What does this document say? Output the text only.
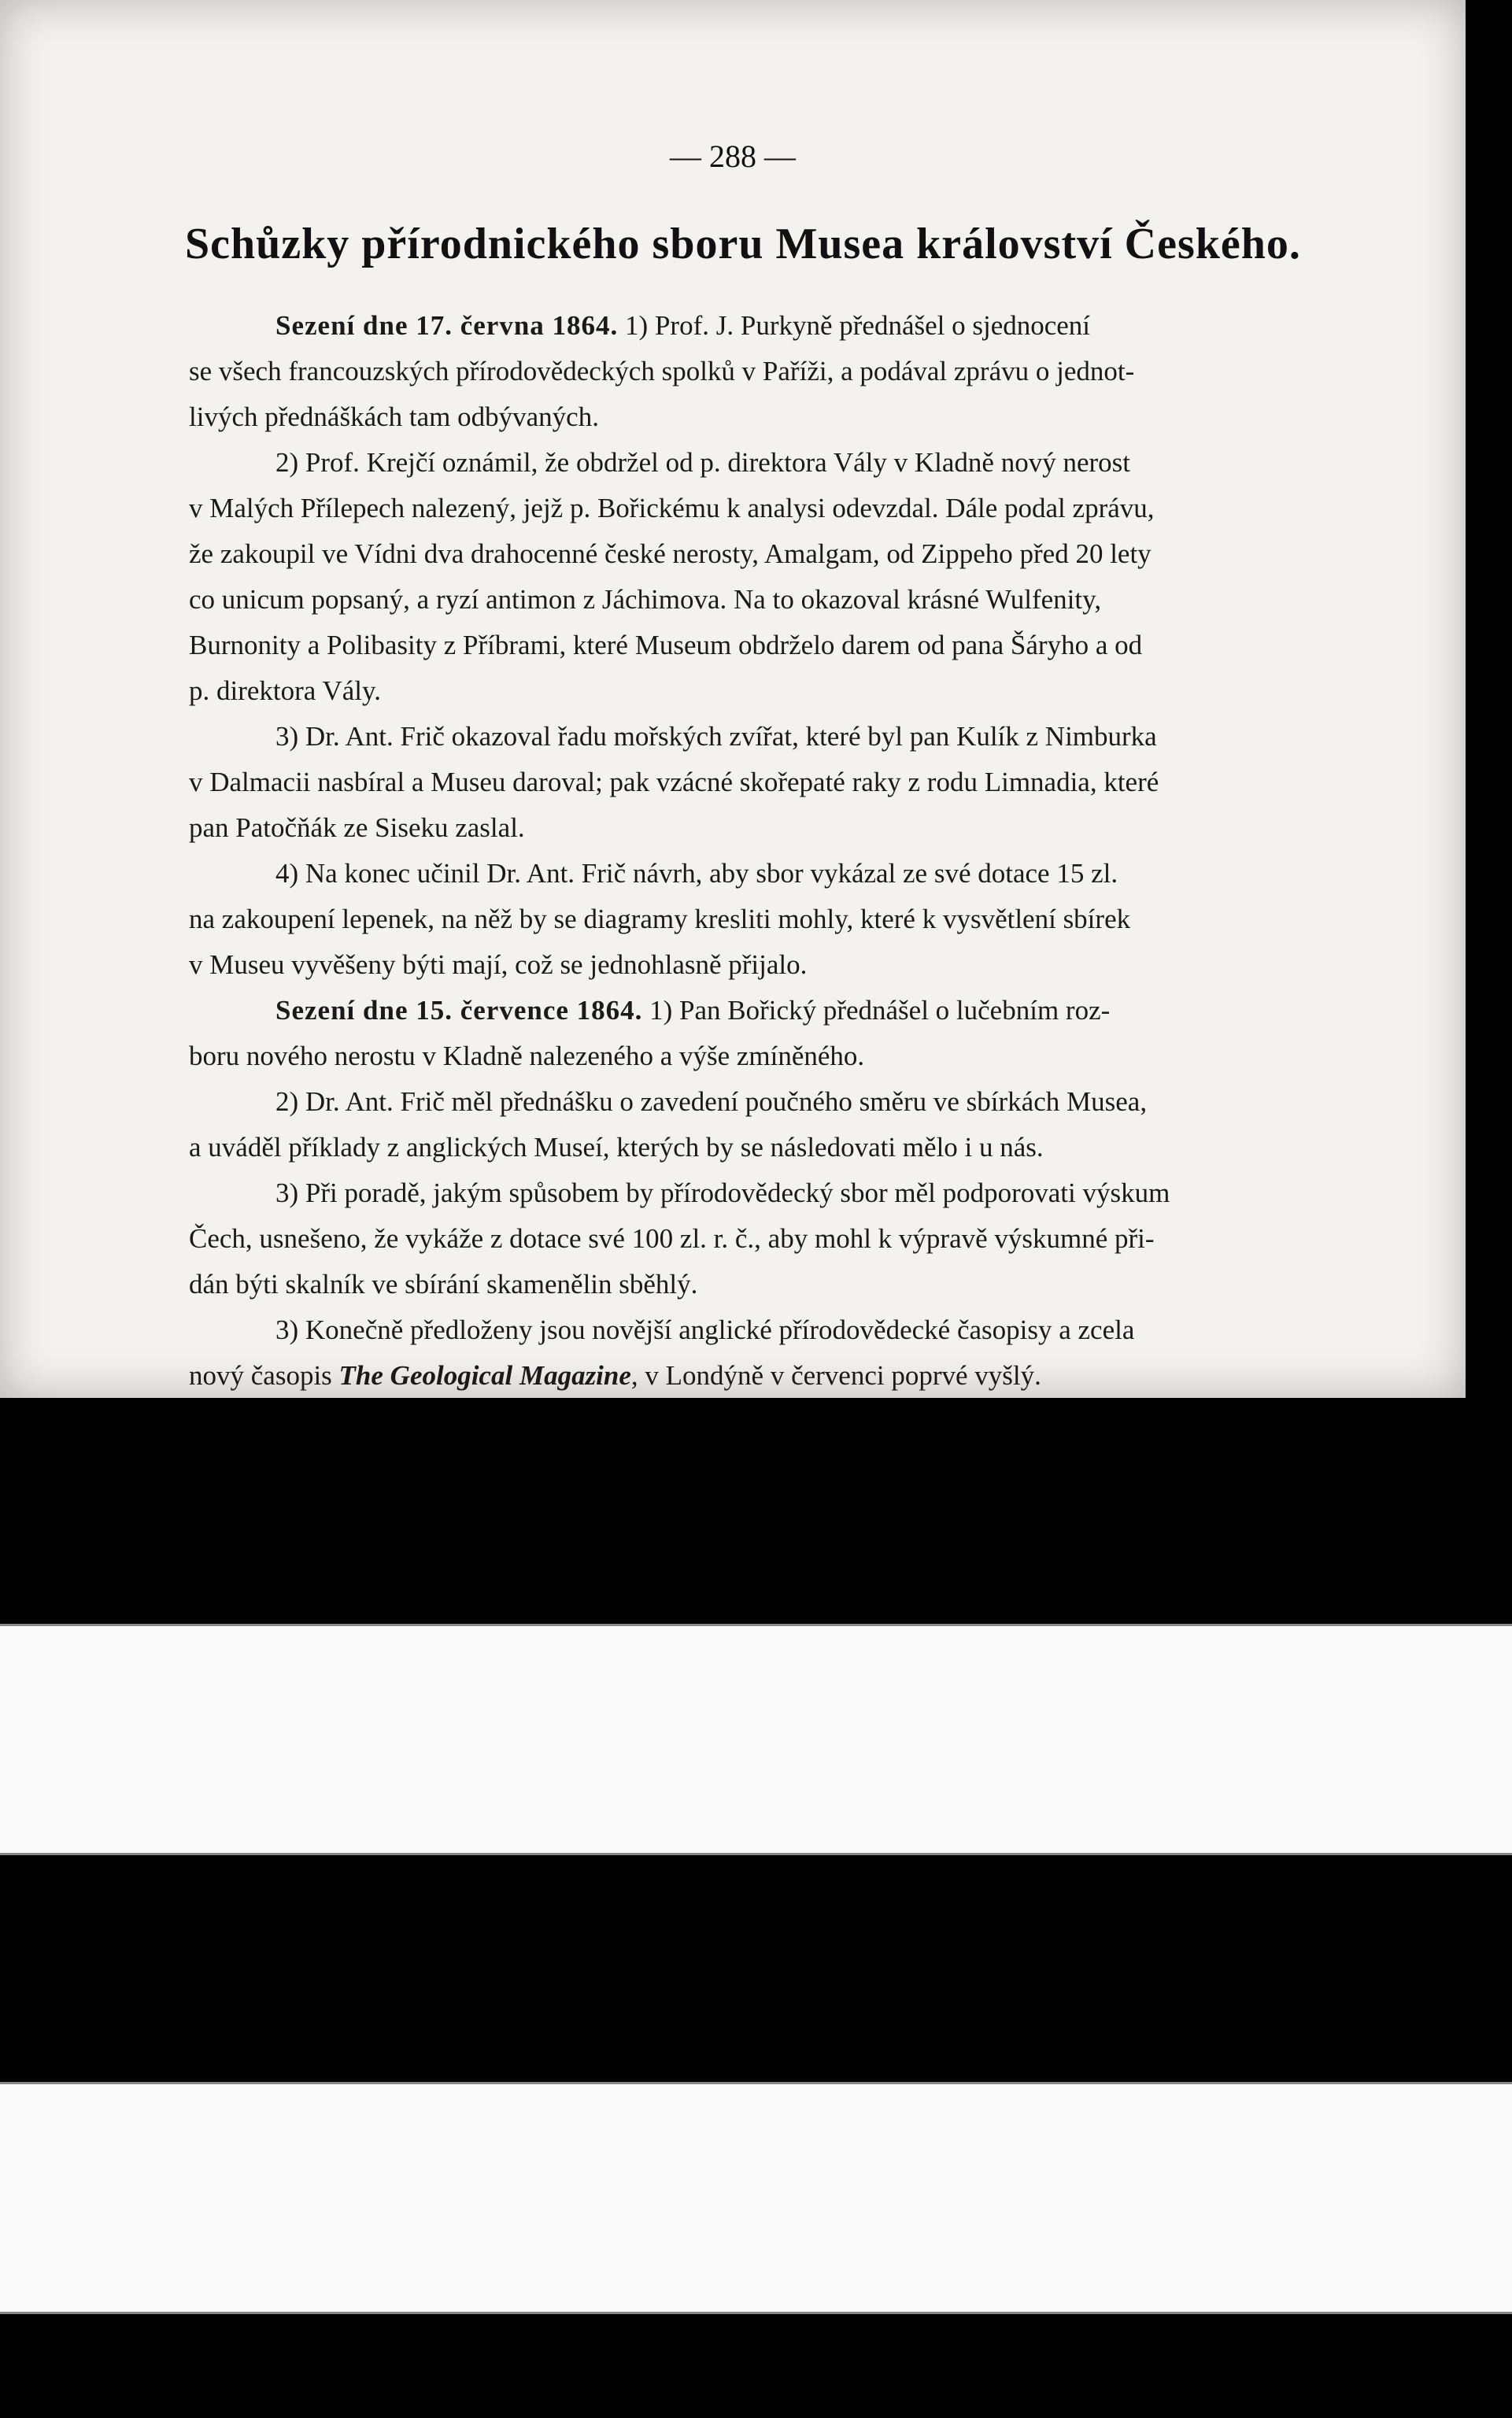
— 288 —
Schůzky přírodnického sboru Musea království Českého.
Sezení dne 17. června 1864. 1) Prof. J. Purkyně přednášel o sjednocení
se všech francouzských přírodovědeckých spolků v Paříži, a podával zprávu o jednot-
livých přednáškách tam odbývaných.
2) Prof. Krejčí oznámil, že obdržel od p. direktora Vály v Kladně nový nerost
v Malých Přílepech nalezený, jejž p. Bořickému k analysi odevzdal. Dále podal zprávu,
že zakoupil ve Vídni dva drahocenné české nerosty, Amalgam, od Zippeho před 20 lety
co unicum popsaný, a ryzí antimon z Jáchimova. Na to okazoval krásné Wulfenity,
Burnonity a Polibasity z Příbrami, které Museum obdrželo darem od pana Šáryho a od
p. direktora Vály.
3) Dr. Ant. Frič okazoval řadu mořských zvířat, které byl pan Kulík z Nimburka
v Dalmacii nasbíral a Museu daroval; pak vzácné skořepaté raky z rodu Limnadia, které
pan Patočňák ze Siseku zaslal.
4) Na konec učinil Dr. Ant. Frič návrh, aby sbor vykázal ze své dotace 15 zl.
na zakoupení lepenek, na něž by se diagramy kresliti mohly, které k vysvětlení sbírek
v Museu vyvěšeny býti mají, což se jednohlasně přijalo.
Sezení dne 15. července 1864. 1) Pan Bořický přednášel o lučebním roz-
boru nového nerostu v Kladně nalezeného a výše zmíněného.
2) Dr. Ant. Frič měl přednášku o zavedení poučného směru ve sbírkách Musea,
a uváděl příklady z anglických Museí, kterých by se následovati mělo i u nás.
3) Při poradě, jakým spůsobem by přírodovědecký sbor měl podporovati výskum
Čech, usnešeno, že vykáže z dotace své 100 zl. r. č., aby mohl k výpravě výskumné při-
dán býti skalník ve sbírání skamenělin sběhlý.
3) Konečně předloženy jsou novější anglické přírodovědecké časopisy a zcela
nový časopis The Geological Magazine, v Londýně v červenci poprvé vyšlý.
